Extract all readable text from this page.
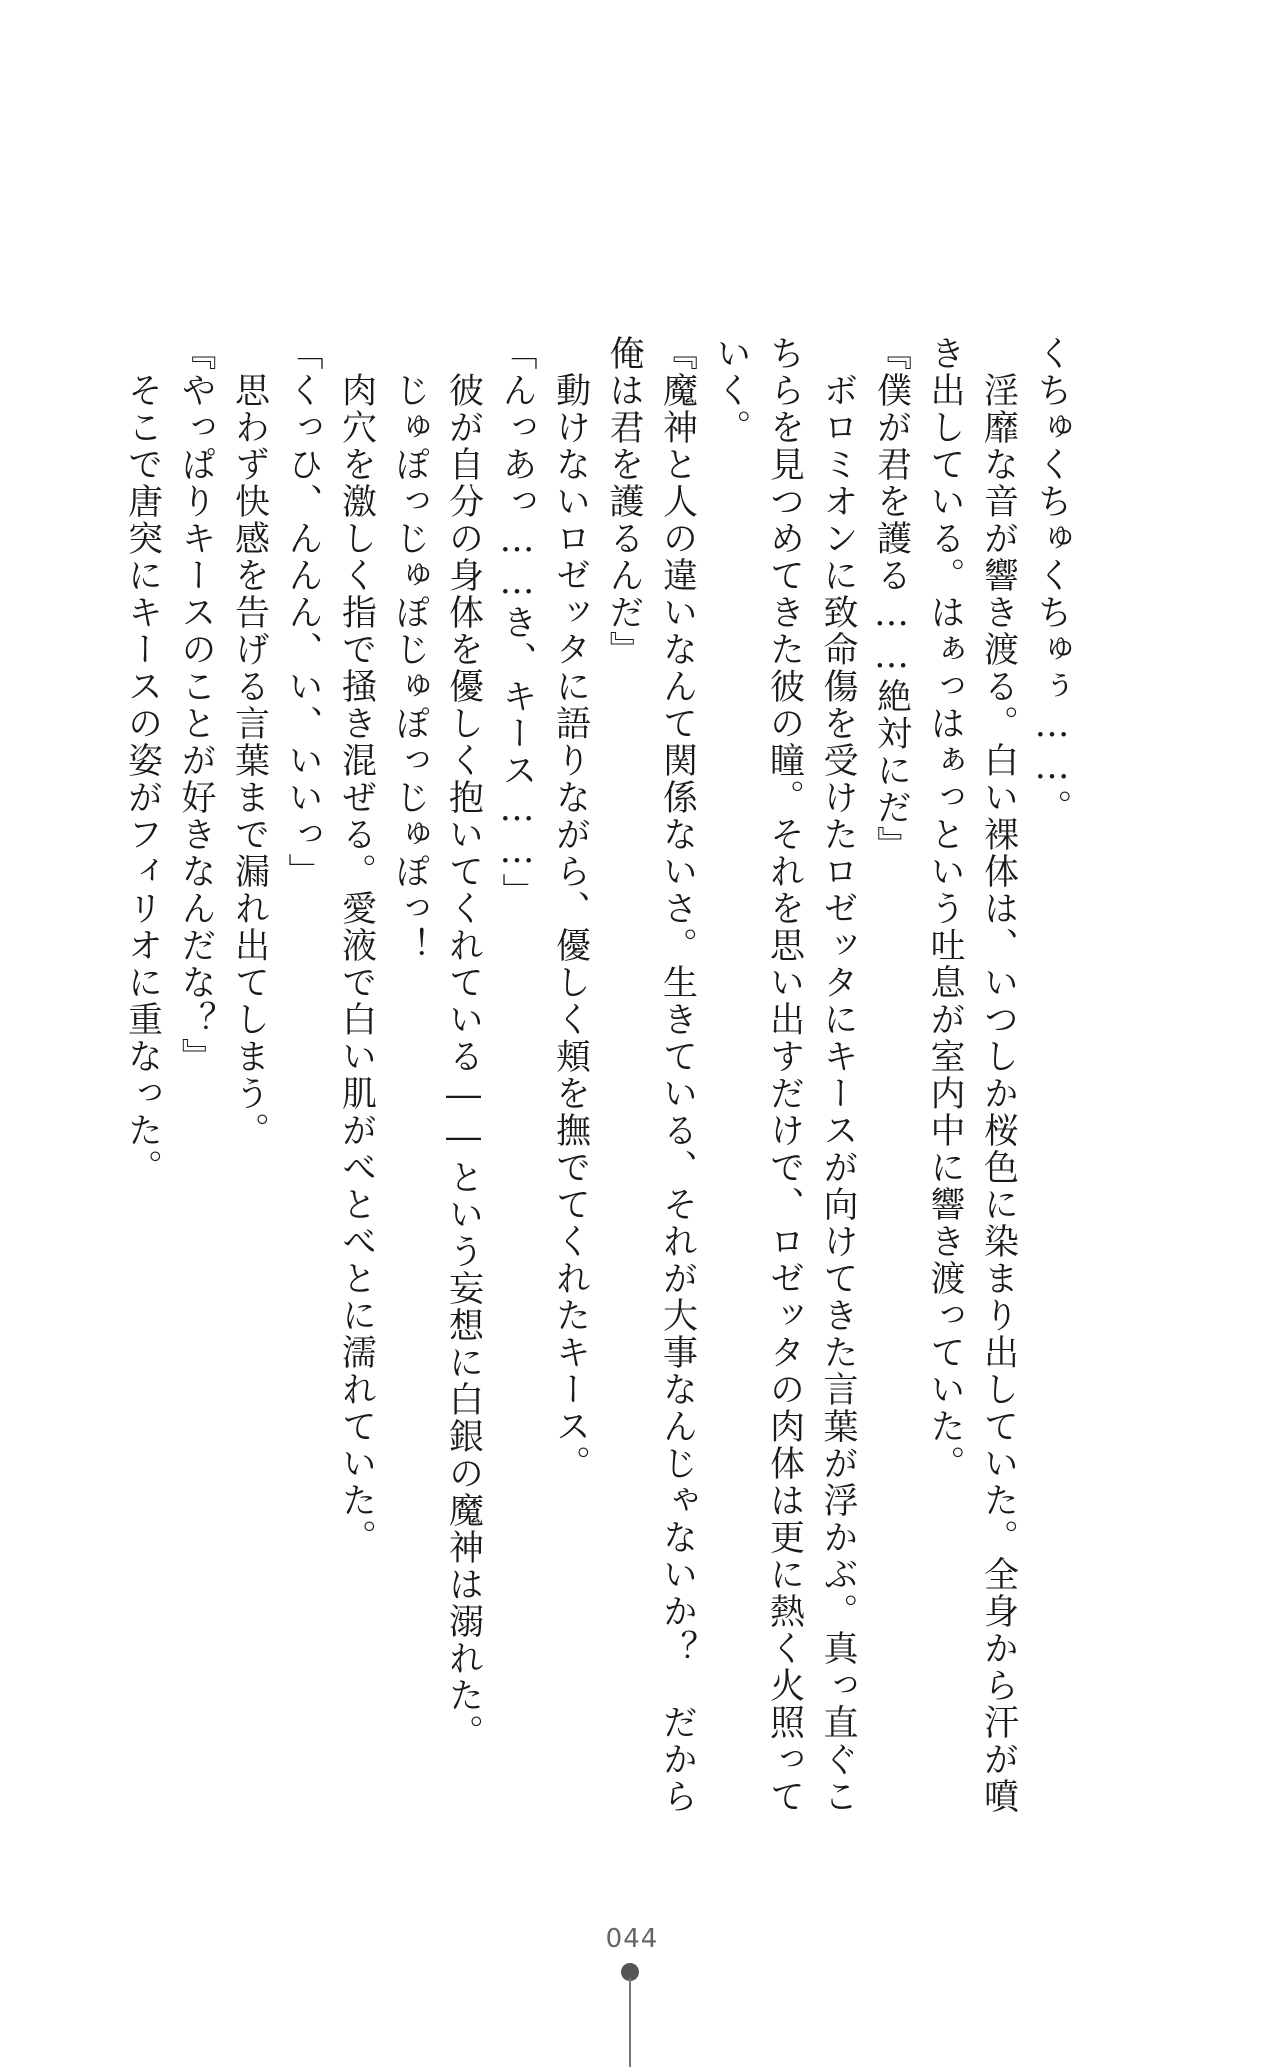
くちゅくちゅくちゅぅ……。
　淫靡な音が響き渡る。白い裸体は、いつしか桜色に染まり出していた。全身から汗が噴
き出している。はぁっはぁっという吐息が室内中に響き渡っていた。
『僕が君を護る……絶対にだ』
　ボロミオンに致命傷を受けたロゼッタにキースが向けてきた言葉が浮かぶ。真っ直ぐこ
ちらを見つめてきた彼の瞳。それを思い出すだけで、ロゼッタの肉体は更に熱く火照って
いく。
『魔神と人の違いなんて関係ないさ。生きている、それが大事なんじゃないか？　だから
俺は君を護るんだ』
　動けないロゼッタに語りながら、優しく頬を撫でてくれたキース。
「んっあっ……き、キース……」
　彼が自分の身体を優しく抱いてくれている――という妄想に白銀の魔神は溺れた。
　じゅぽっじゅぽじゅぽっじゅぽっ！
　肉穴を激しく指で掻き混ぜる。愛液で白い肌がべとべとに濡れていた。
「くっひ、んんん、い、いいっ」
　思わず快感を告げる言葉まで漏れ出てしまう。
『やっぱりキースのことが好きなんだな？』
　そこで唐突にキースの姿がフィリオに重なった。
044
